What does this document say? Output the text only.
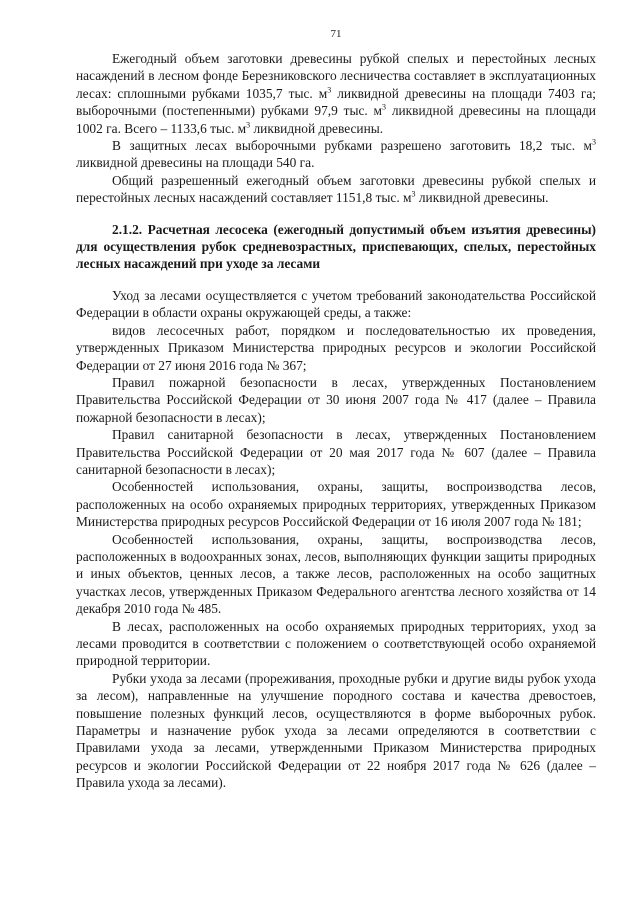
71

Ежегодный объем заготовки древесины рубкой спелых и перестойных лесных насаждений в лесном фонде Березниковского лесничества составляет в эксплуатационных лесах: сплошными рубками 1035,7 тыс. $м^3$ ликвидной древесины на площади 7403 га; выборочными (постепенными) рубками 97,9 тыс. $м^3$ ликвидной древесины на площади 1002 га. Всего – 1133,6 тыс. $м^3$ ликвидной древесины.

В защитных лесах выборочными рубками разрешено заготовить 18,2 тыс. $м^3$ ликвидной древесины на площади 540 га.

Общий разрешенный ежегодный объем заготовки древесины рубкой спелых и перестойных лесных насаждений составляет 1151,8 тыс. $м^3$ ликвидной древесины.

2.1.2. Расчетная лесосека (ежегодный допустимый объем изъятия древесины) для осуществления рубок средневозрастных, приспевающих, спелых, перестойных лесных насаждений при уходе за лесами

Уход за лесами осуществляется с учетом требований законодательства Российской Федерации в области охраны окружающей среды, а также:

видов лесосечных работ, порядком и последовательностью их проведения, утвержденных Приказом Министерства природных ресурсов и экологии Российской Федерации от 27 июня 2016 года № 367;

Правил пожарной безопасности в лесах, утвержденных Постановлением Правительства Российской Федерации от 30 июня 2007 года № 417 (далее – Правила пожарной безопасности в лесах);

Правил санитарной безопасности в лесах, утвержденных Постановлением Правительства Российской Федерации от 20 мая 2017 года № 607 (далее – Правила санитарной безопасности в лесах);

Особенностей использования, охраны, защиты, воспроизводства лесов, расположенных на особо охраняемых природных территориях, утвержденных Приказом Министерства природных ресурсов Российской Федерации от 16 июля 2007 года № 181;

Особенностей использования, охраны, защиты, воспроизводства лесов, расположенных в водоохранных зонах, лесов, выполняющих функции защиты природных и иных объектов, ценных лесов, а также лесов, расположенных на особо защитных участках лесов, утвержденных Приказом Федерального агентства лесного хозяйства от 14 декабря 2010 года № 485.

В лесах, расположенных на особо охраняемых природных территориях, уход за лесами проводится в соответствии с положением о соответствующей особо охраняемой природной территории.

Рубки ухода за лесами (прореживания, проходные рубки и другие виды рубок ухода за лесом), направленные на улучшение породного состава и качества древостоев, повышение полезных функций лесов, осуществляются в форме выборочных рубок. Параметры и назначение рубок ухода за лесами определяются в соответствии с Правилами ухода за лесами, утвержденными Приказом Министерства природных ресурсов и экологии Российской Федерации от 22 ноября 2017 года № 626 (далее – Правила ухода за лесами).
